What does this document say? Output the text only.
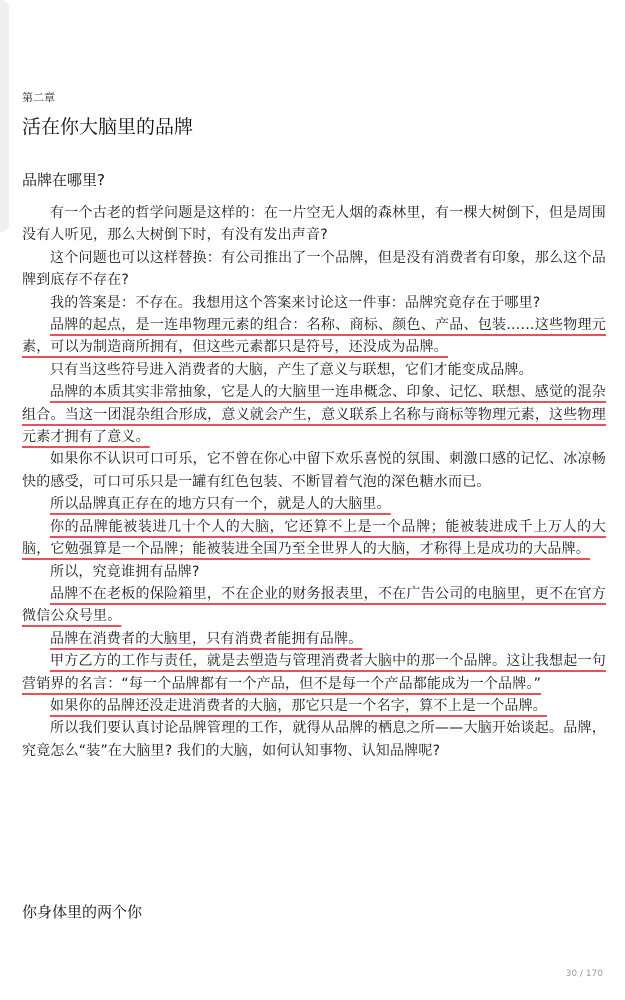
第二章
活在你大脑里的品牌
品牌在哪里?

有一个古老的哲学问题是这样的：在一片空无人烟的森林里，有一棵大树倒下，但是周围没有人听见，那么大树倒下时，有没有发出声音?

这个问题也可以这样替换：有公司推出了一个品牌，但是没有消费者有印象，那么这个品牌到底存不存在?

我的答案是：不存在。我想用这个答案来讨论这一件事：品牌究竟存在于哪里?

品牌的起点，是一连串物理元素的组合：名称、商标、颜色、产品、包装……这些物理元素，可以为制造商所拥有，但这些元素都只是符号，还没成为品牌。

只有当这些符号进入消费者的大脑，产生了意义与联想，它们才能变成品牌。

品牌的本质其实非常抽象，它是人的大脑里一连串概念、印象、记忆、联想、感觉的混杂组合。当这一团混杂组合形成，意义就会产生，意义联系上名称与商标等物理元素，这些物理元素才拥有了意义。

如果你不认识可口可乐，它不曾在你心中留下欢乐喜悦的氛围、刺激口感的记忆、冰凉畅快的感受，可口可乐只是一罐有红色包装、不断冒着气泡的深色糖水而已。

所以品牌真正存在的地方只有一个，就是人的大脑里。

你的品牌能被装进几十个人的大脑，它还算不上是一个品牌；能被装进成千上万人的大脑，它勉强算是一个品牌；能被装进全国乃至全世界人的大脑，才称得上是成功的大品牌。

所以，究竟谁拥有品牌?

品牌不在老板的保险箱里，不在企业的财务报表里，不在广告公司的电脑里，更不在官方微信公众号里。

品牌在消费者的大脑里，只有消费者能拥有品牌。

甲方乙方的工作与责任，就是去塑造与管理消费者大脑中的那一个品牌。这让我想起一句营销界的名言：“每一个品牌都有一个产品，但不是每一个产品都能成为一个品牌。”

如果你的品牌还没走进消费者的大脑，那它只是一个名字，算不上是一个品牌。

所以我们要认真讨论品牌管理的工作，就得从品牌的栖息之所——大脑开始谈起。品牌，究竟怎么“装”在大脑里? 我们的大脑，如何认知事物、认知品牌呢?

你身体里的两个你
30 / 170
